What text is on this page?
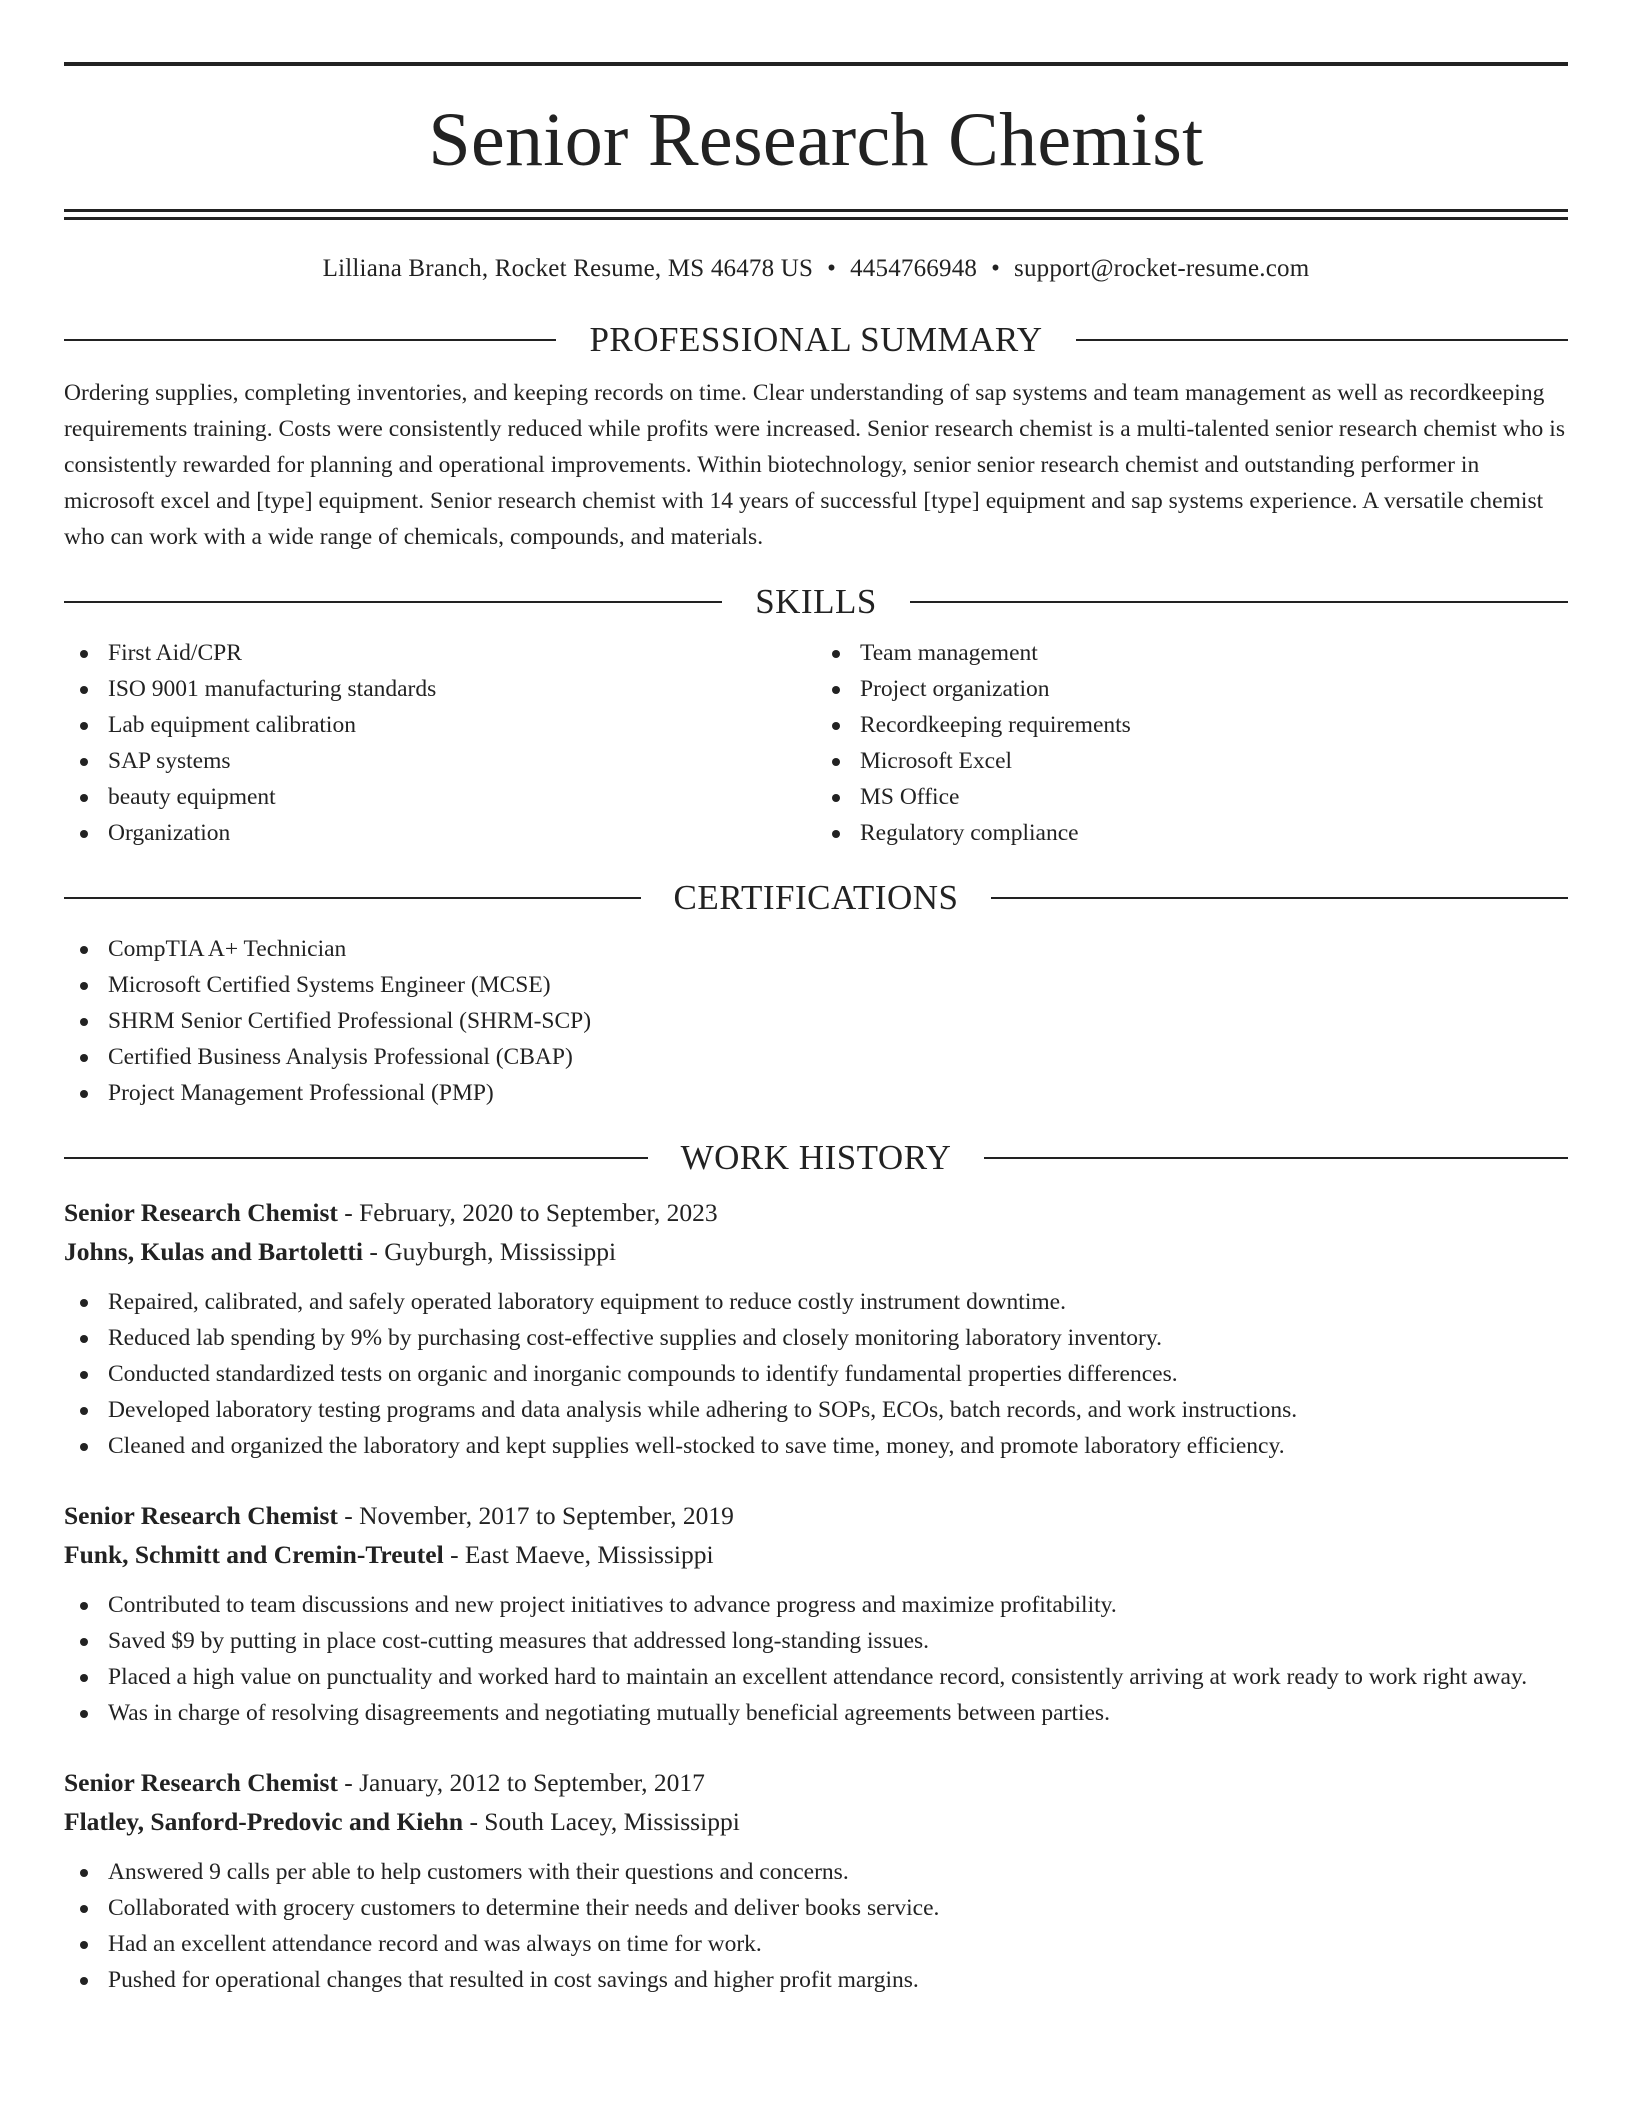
Senior Research Chemist
Lilliana Branch, Rocket Resume, MS 46478 US • 4454766948 • support@rocket-resume.com
PROFESSIONAL SUMMARY
Ordering supplies, completing inventories, and keeping records on time. Clear understanding of sap systems and team management as well as recordkeeping requirements training. Costs were consistently reduced while profits were increased. Senior research chemist is a multi-talented senior research chemist who is consistently rewarded for planning and operational improvements. Within biotechnology, senior senior research chemist and outstanding performer in microsoft excel and [type] equipment. Senior research chemist with 14 years of successful [type] equipment and sap systems experience. A versatile chemist who can work with a wide range of chemicals, compounds, and materials.
SKILLS
First Aid/CPR
ISO 9001 manufacturing standards
Lab equipment calibration
SAP systems
beauty equipment
Organization
Team management
Project organization
Recordkeeping requirements
Microsoft Excel
MS Office
Regulatory compliance
CERTIFICATIONS
CompTIA A+ Technician
Microsoft Certified Systems Engineer (MCSE)
SHRM Senior Certified Professional (SHRM-SCP)
Certified Business Analysis Professional (CBAP)
Project Management Professional (PMP)
WORK HISTORY
Senior Research Chemist - February, 2020 to September, 2023
Johns, Kulas and Bartoletti - Guyburgh, Mississippi
Repaired, calibrated, and safely operated laboratory equipment to reduce costly instrument downtime.
Reduced lab spending by 9% by purchasing cost-effective supplies and closely monitoring laboratory inventory.
Conducted standardized tests on organic and inorganic compounds to identify fundamental properties differences.
Developed laboratory testing programs and data analysis while adhering to SOPs, ECOs, batch records, and work instructions.
Cleaned and organized the laboratory and kept supplies well-stocked to save time, money, and promote laboratory efficiency.
Senior Research Chemist - November, 2017 to September, 2019
Funk, Schmitt and Cremin-Treutel - East Maeve, Mississippi
Contributed to team discussions and new project initiatives to advance progress and maximize profitability.
Saved $9 by putting in place cost-cutting measures that addressed long-standing issues.
Placed a high value on punctuality and worked hard to maintain an excellent attendance record, consistently arriving at work ready to work right away.
Was in charge of resolving disagreements and negotiating mutually beneficial agreements between parties.
Senior Research Chemist - January, 2012 to September, 2017
Flatley, Sanford-Predovic and Kiehn - South Lacey, Mississippi
Answered 9 calls per able to help customers with their questions and concerns.
Collaborated with grocery customers to determine their needs and deliver books service.
Had an excellent attendance record and was always on time for work.
Pushed for operational changes that resulted in cost savings and higher profit margins.
